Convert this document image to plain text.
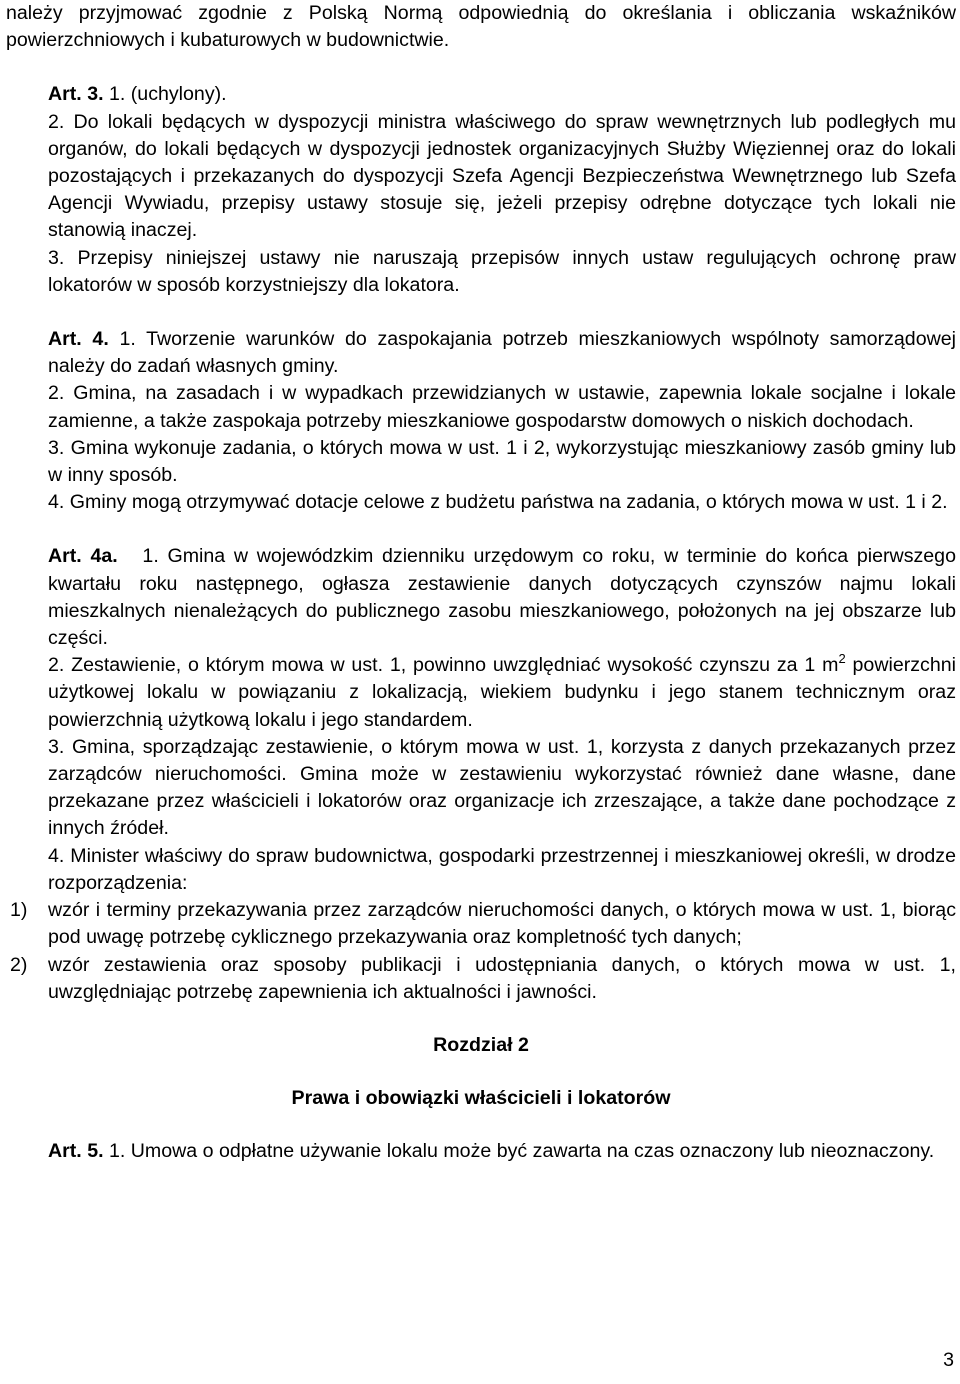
należy przyjmować zgodnie z Polską Normą odpowiednią do określania i obliczania wskaźników powierzchniowych i kubaturowych w budownictwie.

Art. 3. 1. (uchylony).

2. Do lokali będących w dyspozycji ministra właściwego do spraw wewnętrznych lub podległych mu organów, do lokali będących w dyspozycji jednostek organizacyjnych Służby Więziennej oraz do lokali pozostających i przekazanych do dyspozycji Szefa Agencji Bezpieczeństwa Wewnętrznego lub Szefa Agencji Wywiadu, przepisy ustawy stosuje się, jeżeli przepisy odrębne dotyczące tych lokali nie stanowią inaczej.

3. Przepisy niniejszej ustawy nie naruszają przepisów innych ustaw regulujących ochronę praw lokatorów w sposób korzystniejszy dla lokatora.

Art. 4. 1. Tworzenie warunków do zaspokajania potrzeb mieszkaniowych wspólnoty samorządowej należy do zadań własnych gminy.

2. Gmina, na zasadach i w wypadkach przewidzianych w ustawie, zapewnia lokale socjalne i lokale zamienne, a także zaspokaja potrzeby mieszkaniowe gospodarstw domowych o niskich dochodach.

3. Gmina wykonuje zadania, o których mowa w ust. 1 i 2, wykorzystując mieszkaniowy zasób gminy lub w inny sposób.

4. Gminy mogą otrzymywać dotacje celowe z budżetu państwa na zadania, o których mowa w ust. 1 i 2.

Art. 4a. 1. Gmina w wojewódzkim dzienniku urzędowym co roku, w terminie do końca pierwszego kwartału roku następnego, ogłasza zestawienie danych dotyczących czynszów najmu lokali mieszkalnych nienależących do publicznego zasobu mieszkaniowego, położonych na jej obszarze lub części.

2. Zestawienie, o którym mowa w ust. 1, powinno uwzględniać wysokość czynszu za 1 $m^2$ powierzchni użytkowej lokalu w powiązaniu z lokalizacją, wiekiem budynku i jego stanem technicznym oraz powierzchnią użytkową lokalu i jego standardem.

3. Gmina, sporządzając zestawienie, o którym mowa w ust. 1, korzysta z danych przekazanych przez zarządców nieruchomości. Gmina może w zestawieniu wykorzystać również dane własne, dane przekazane przez właścicieli i lokatorów oraz organizacje ich zrzeszające, a także dane pochodzące z innych źródeł.

4. Minister właściwy do spraw budownictwa, gospodarki przestrzennej i mieszkaniowej określi, w drodze rozporządzenia:

1)	wzór i terminy przekazywania przez zarządców nieruchomości danych, o których mowa w ust. 1, biorąc pod uwagę potrzebę cyklicznego przekazywania oraz kompletność tych danych;
2)	wzór zestawienia oraz sposoby publikacji i udostępniania danych, o których mowa w ust. 1, uwzględniając potrzebę zapewnienia ich aktualności i jawności.

Rozdział 2

Prawa i obowiązki właścicieli i lokatorów

Art. 5. 1. Umowa o odpłatne używanie lokalu może być zawarta na czas oznaczony lub nieoznaczony.

3
